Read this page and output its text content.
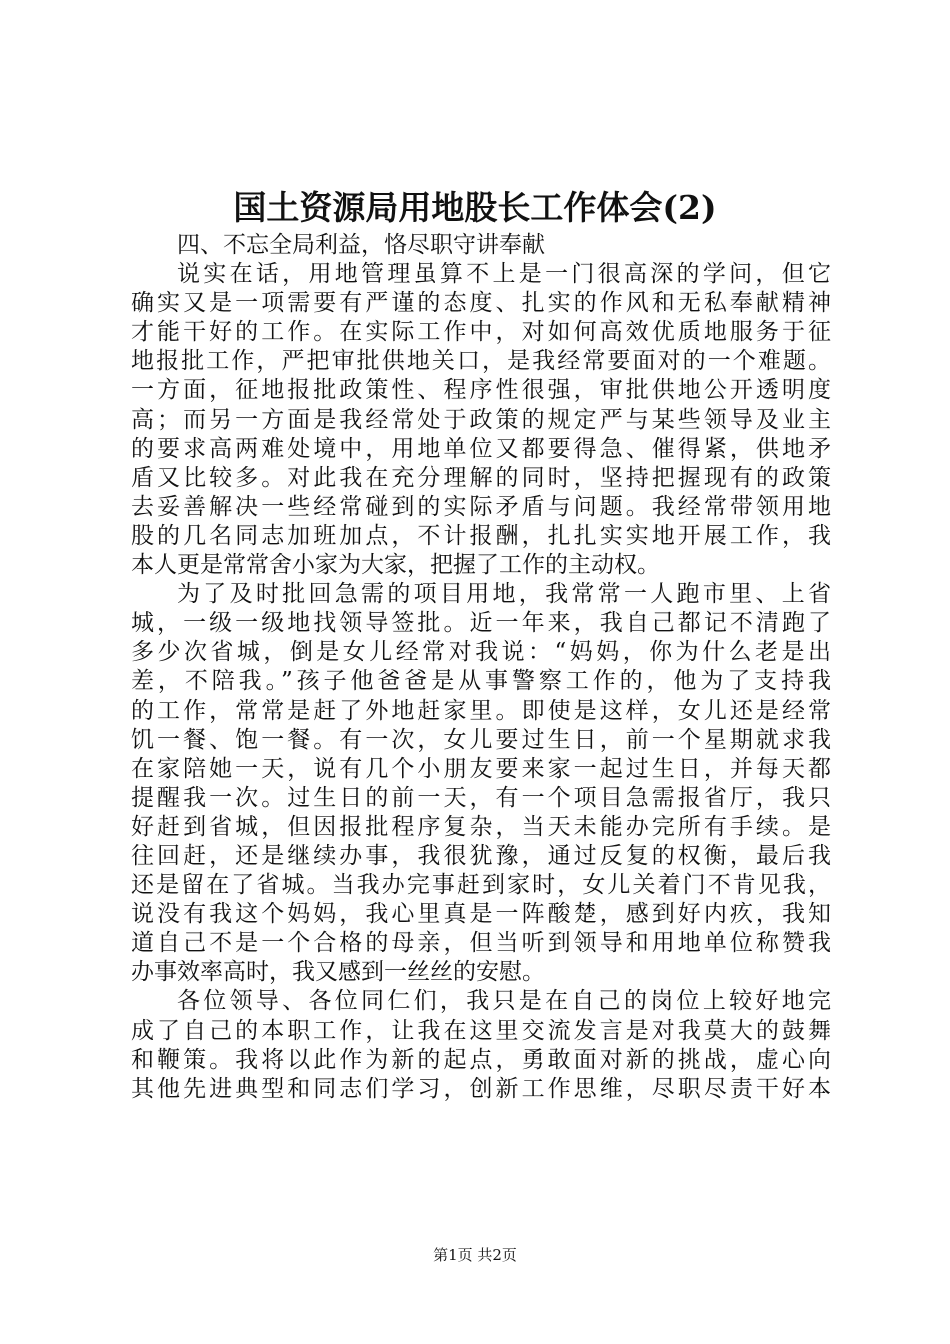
国土资源局用地股长工作体会(2)
四、不忘全局利益，恪尽职守讲奉献
说实在话，用地管理虽算不上是一门很高深的学问，但它
确实又是一项需要有严谨的态度、扎实的作风和无私奉献精神
才能干好的工作。在实际工作中，对如何高效优质地服务于征
地报批工作，严把审批供地关口，是我经常要面对的一个难题。
一方面，征地报批政策性、程序性很强，审批供地公开透明度
高；而另一方面是我经常处于政策的规定严与某些领导及业主
的要求高两难处境中，用地单位又都要得急、催得紧，供地矛
盾又比较多。对此我在充分理解的同时，坚持把握现有的政策
去妥善解决一些经常碰到的实际矛盾与问题。我经常带领用地
股的几名同志加班加点，不计报酬，扎扎实实地开展工作，我
本人更是常常舍小家为大家，把握了工作的主动权。
为了及时批回急需的项目用地，我常常一人跑市里、上省
城，一级一级地找领导签批。近一年来，我自己都记不清跑了
多少次省城，倒是女儿经常对我说：“妈妈，你为什么老是出
差，不陪我。”孩子他爸爸是从事警察工作的，他为了支持我
的工作，常常是赶了外地赶家里。即使是这样，女儿还是经常
饥一餐、饱一餐。有一次，女儿要过生日，前一个星期就求我
在家陪她一天，说有几个小朋友要来家一起过生日，并每天都
提醒我一次。过生日的前一天，有一个项目急需报省厅，我只
好赶到省城，但因报批程序复杂，当天未能办完所有手续。是
往回赶，还是继续办事，我很犹豫，通过反复的权衡，最后我
还是留在了省城。当我办完事赶到家时，女儿关着门不肯见我，
说没有我这个妈妈，我心里真是一阵酸楚，感到好内疚，我知
道自己不是一个合格的母亲，但当听到领导和用地单位称赞我
办事效率高时，我又感到一丝丝的安慰。
各位领导、各位同仁们，我只是在自己的岗位上较好地完
成了自己的本职工作，让我在这里交流发言是对我莫大的鼓舞
和鞭策。我将以此作为新的起点，勇敢面对新的挑战，虚心向
其他先进典型和同志们学习，创新工作思维，尽职尽责干好本
第1页 共2页
